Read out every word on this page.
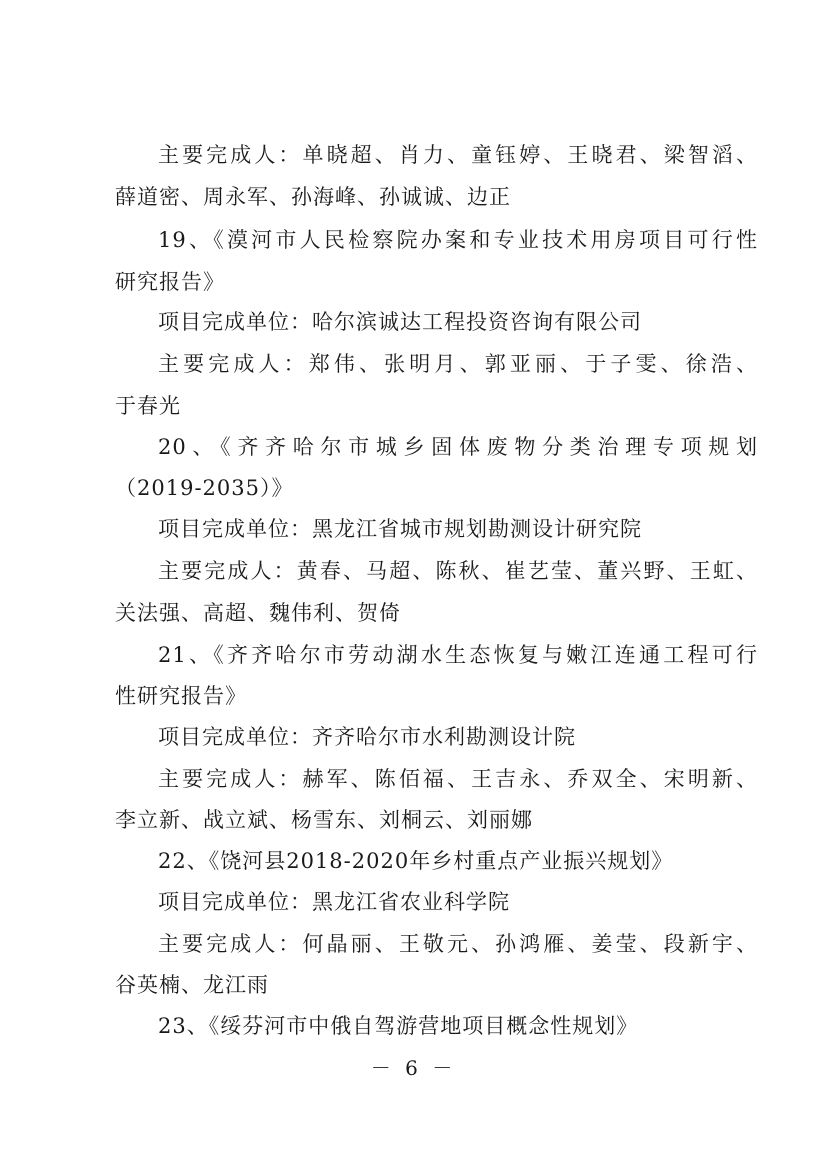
主要完成人：单晓超、肖力、童钰婷、王晓君、梁智滔、
薛道密、周永军、孙海峰、孙诚诚、边正
19、《漠河市人民检察院办案和专业技术用房项目可行性
研究报告》
项目完成单位：哈尔滨诚达工程投资咨询有限公司
主要完成人：郑伟、张明月、郭亚丽、于子雯、徐浩、
于春光
20、《齐齐哈尔市城乡固体废物分类治理专项规划
（2019-2035）》
项目完成单位：黑龙江省城市规划勘测设计研究院
主要完成人：黄春、马超、陈秋、崔艺莹、董兴野、王虹、
关法强、高超、魏伟利、贺倚
21、《齐齐哈尔市劳动湖水生态恢复与嫩江连通工程可行
性研究报告》
项目完成单位：齐齐哈尔市水利勘测设计院
主要完成人：赫军、陈佰福、王吉永、乔双全、宋明新、
李立新、战立斌、杨雪东、刘桐云、刘丽娜
22、《饶河县2018-2020年乡村重点产业振兴规划》
项目完成单位：黑龙江省农业科学院
主要完成人：何晶丽、王敬元、孙鸿雁、姜莹、段新宇、
谷英楠、龙江雨
23、《绥芬河市中俄自驾游营地项目概念性规划》
－ 6 －
